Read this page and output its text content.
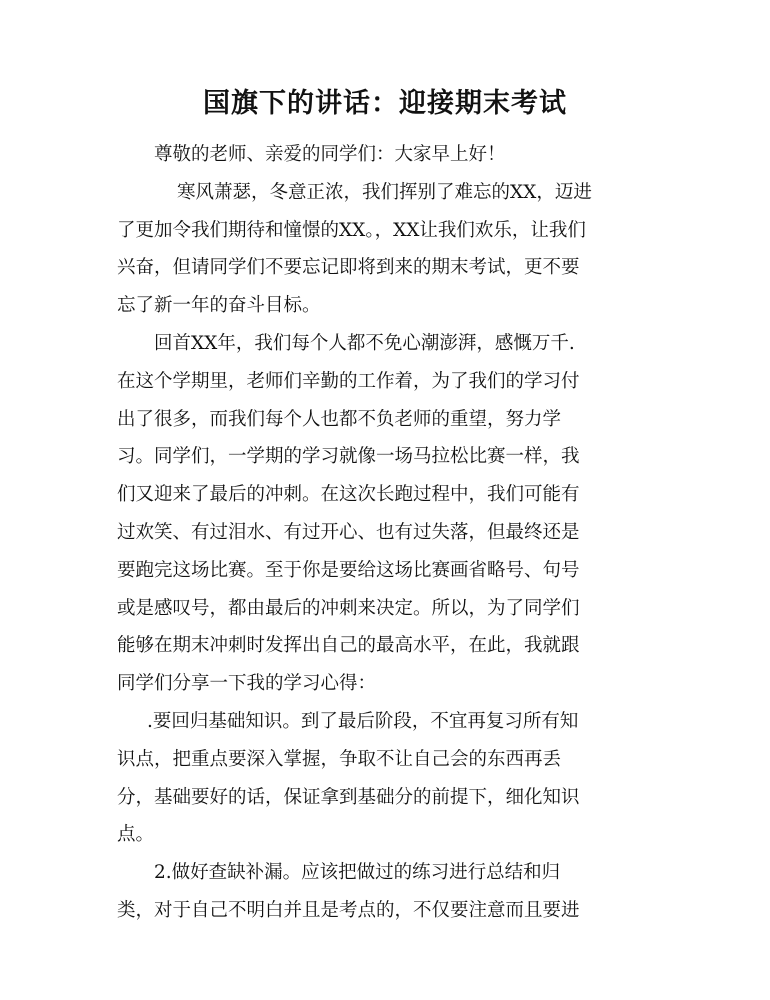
国旗下的讲话：迎接期末考试
尊敬的老师、亲爱的同学们：大家早上好！
寒风萧瑟，冬意正浓，我们挥别了难忘的XX，迈进
了更加令我们期待和憧憬的XX。，XX让我们欢乐，让我们
兴奋，但请同学们不要忘记即将到来的期末考试，更不要
忘了新一年的奋斗目标。
回首XX年，我们每个人都不免心潮澎湃，感慨万千.
在这个学期里，老师们辛勤的工作着，为了我们的学习付
出了很多，而我们每个人也都不负老师的重望，努力学
习。同学们，一学期的学习就像一场马拉松比赛一样，我
们又迎来了最后的冲刺。在这次长跑过程中，我们可能有
过欢笑、有过泪水、有过开心、也有过失落，但最终还是
要跑完这场比赛。至于你是要给这场比赛画省略号、句号
或是感叹号，都由最后的冲刺来决定。所以，为了同学们
能够在期末冲刺时发挥出自己的最高水平，在此，我就跟
同学们分享一下我的学习心得：
.要回归基础知识。到了最后阶段，不宜再复习所有知
识点，把重点要深入掌握，争取不让自己会的东西再丢
分，基础要好的话，保证拿到基础分的前提下，细化知识
点。
2.做好查缺补漏。应该把做过的练习进行总结和归
类，对于自己不明白并且是考点的，不仅要注意而且要进
